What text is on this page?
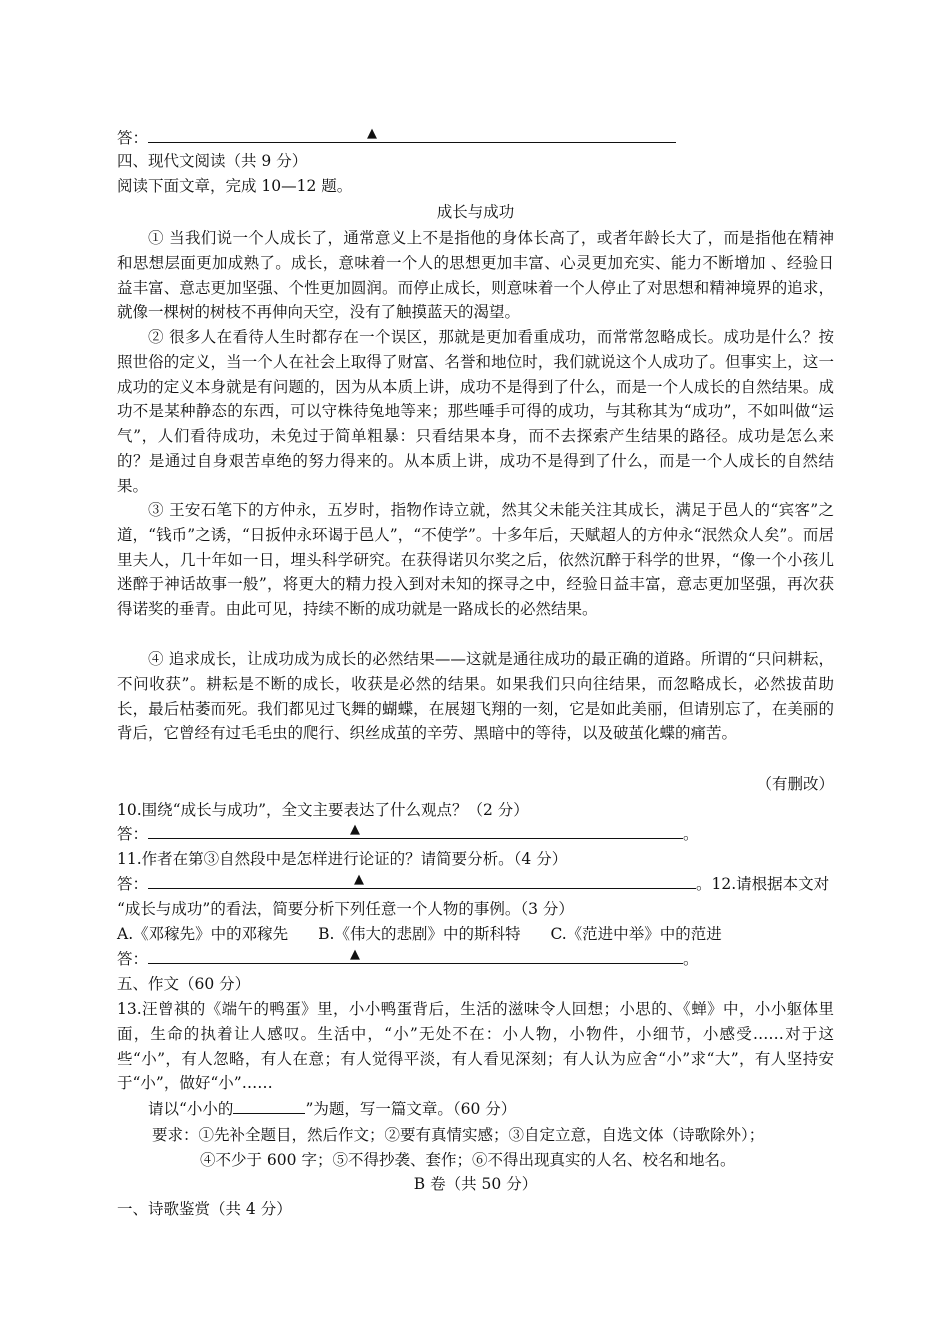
答：	▲
四、现代文阅读（共 9 分）
阅读下面文章，完成 10—12 题。
成长与成功
① 当我们说一个人成长了，通常意义上不是指他的身体长高了，或者年龄长大了，而是指他在精神和思想层面更加成熟了。成长，意味着一个人的思想更加丰富、心灵更加充实、能力不断增加 、经验日益丰富、意志更加坚强、个性更加圆润。而停止成长，则意味着一个人停止了对思想和精神境界的追求，就像一棵树的树枝不再伸向天空，没有了触摸蓝天的渴望。
② 很多人在看待人生时都存在一个误区，那就是更加看重成功，而常常忽略成长。成功是什么？按照世俗的定义，当一个人在社会上取得了财富、名誉和地位时，我们就说这个人成功了。但事实上，这一成功的定义本身就是有问题的，因为从本质上讲，成功不是得到了什么，而是一个人成长的自然结果。成功不是某种静态的东西，可以守株待兔地等来；那些唾手可得的成功，与其称其为“成功”，不如叫做“运气”，人们看待成功，未免过于简单粗暴：只看结果本身，而不去探索产生结果的路径。成功是怎么来的？是通过自身艰苦卓绝的努力得来的。从本质上讲，成功不是得到了什么，而是一个人成长的自然结果。
③ 王安石笔下的方仲永，五岁时，指物作诗立就，然其父未能关注其成长，满足于邑人的“宾客”之道，“钱币”之诱，“日扳仲永环谒于邑人”，“不使学”。十多年后，天赋超人的方仲永“泯然众人矣”。而居里夫人，几十年如一日，埋头科学研究。在获得诺贝尔奖之后，依然沉醉于科学的世界，“像一个小孩儿迷醉于神话故事一般”，将更大的精力投入到对未知的探寻之中，经验日益丰富，意志更加坚强，再次获得诺奖的垂青。由此可见，持续不断的成功就是一路成长的必然结果。
④ 追求成长，让成功成为成长的必然结果——这就是通往成功的最正确的道路。所谓的“只问耕耘，不问收获”。耕耘是不断的成长，收获是必然的结果。如果我们只向往结果，而忽略成长，必然拔苗助长，最后枯萎而死。我们都见过飞舞的蝴蝶，在展翅飞翔的一刻，它是如此美丽，但请别忘了，在美丽的背后，它曾经有过毛毛虫的爬行、织丝成茧的辛劳、黑暗中的等待，以及破茧化蝶的痛苦。
（有删改）
10.围绕“成长与成功”，全文主要表达了什么观点？（2 分）
答：	▲	。
11.作者在第③自然段中是怎样进行论证的？请简要分析。（4 分）
答：	▲	。12.请根据本文对
“成长与成功”的看法，简要分析下列任意一个人物的事例。（3 分）
A.《邓稼先》中的邓稼先 B.《伟大的悲剧》中的斯科特 C.《范进中举》中的范进
答：	▲	。
五、作文（60 分）
13.汪曾祺的《端午的鸭蛋》里，小小鸭蛋背后，生活的滋味令人回想；小思的、《蝉》中，小小躯体里面，生命的执着让人感叹。生活中，“小”无处不在：小人物，小物件，小细节，小感受……对于这些“小”，有人忽略，有人在意；有人觉得平淡，有人看见深刻；有人认为应舍“小”求“大”，有人坚持安于“小”，做好“小”……
请以“小小的	”为题，写一篇文章。（60 分）
要求：①先补全题目，然后作文；②要有真情实感；③自定立意，自选文体（诗歌除外）；
④不少于 600 字；⑤不得抄袭、套作；⑥不得出现真实的人名、校名和地名。
B 卷（共 50 分）
一、诗歌鉴赏（共 4 分）
